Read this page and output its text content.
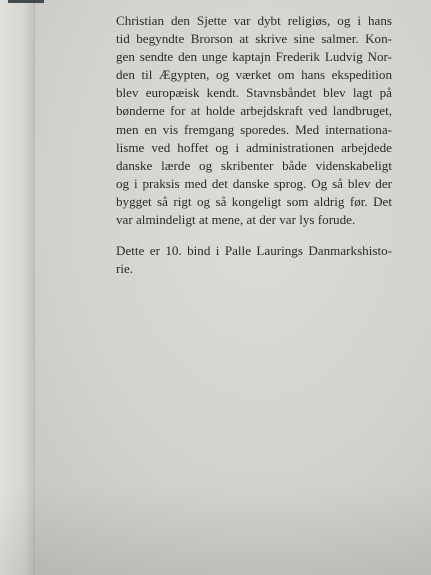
Christian den Sjette var dybt religiøs, og i hans
tid begyndte Brorson at skrive sine salmer. Kon-
gen sendte den unge kaptajn Frederik Ludvig Nor-
den til Ægypten, og værket om hans ekspedition
blev europæisk kendt. Stavnsbåndet blev lagt på
bønderne for at holde arbejdskraft ved landbruget,
men en vis fremgang sporedes. Med internationa-
lisme ved hoffet og i administrationen arbejdede
danske lærde og skribenter både videnskabeligt
og i praksis med det danske sprog. Og så blev der
bygget så rigt og så kongeligt som aldrig før. Det
var almindeligt at mene, at der var lys forude.

Dette er 10. bind i Palle Laurings Danmarkshisto-
rie.
